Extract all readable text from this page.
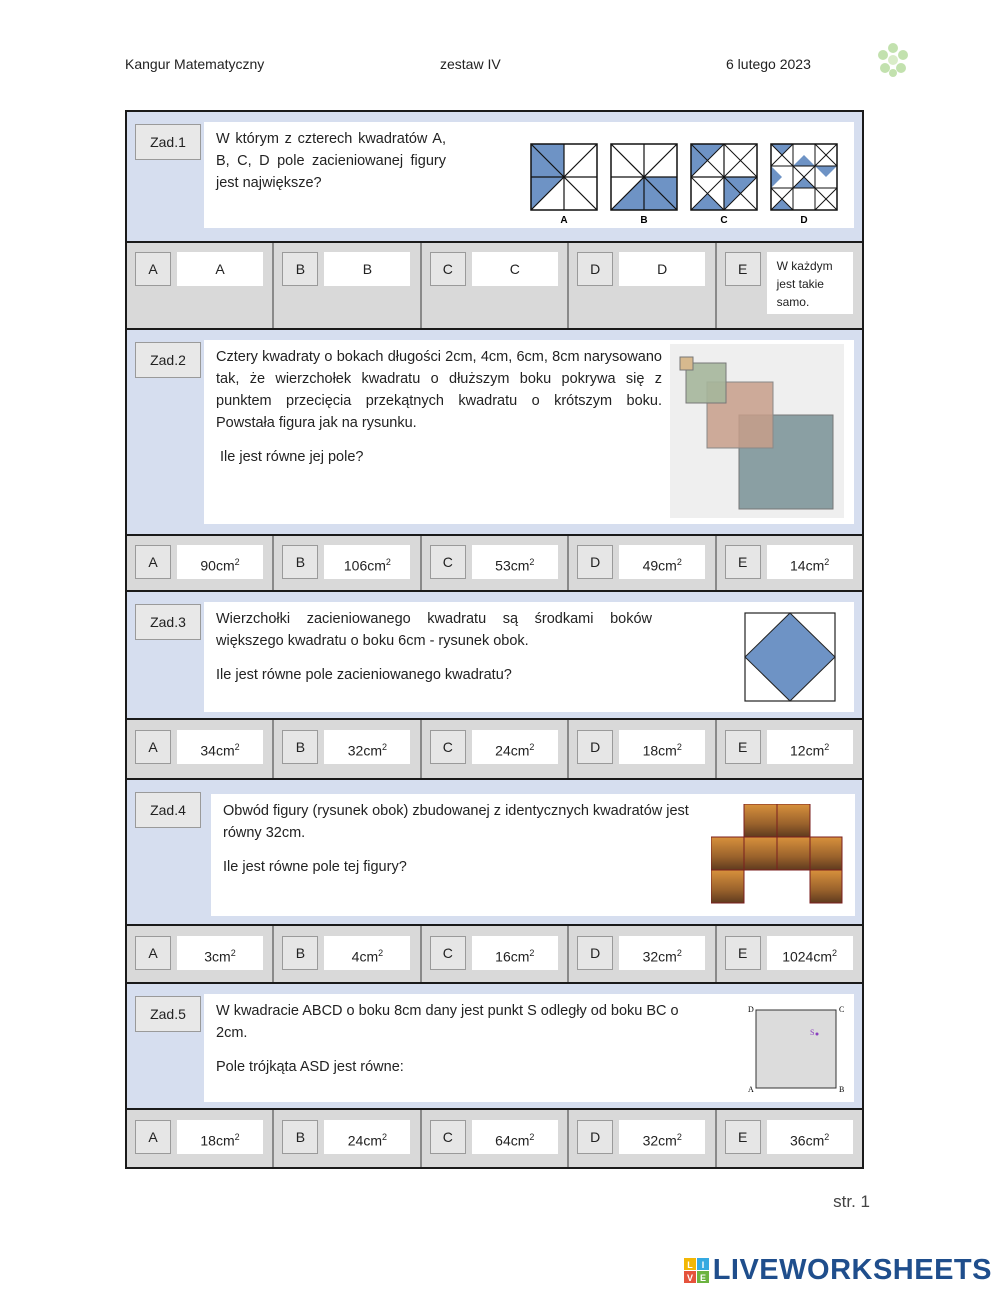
Kangur Matematyczny	zestaw IV	6 lutego 2023
Zad.1	W którym z czterech kwadratów A, B, C, D pole zacieniowanej figury jest największe?

A	B	C	D
A	A	B	B	C	C	D	D	E	W każdym jest takie samo.
Zad.2	Cztery kwadraty o bokach długości 2cm, 4cm, 6cm, 8cm narysowano tak, że wierzchołek kwadratu o dłuższym boku pokrywa się z punktem przecięcia przekątnych kwadratu o krótszym boku. Powstała figura jak na rysunku.

Ile jest równe jej pole?

A	$90cm^2$	B	$106cm^2$	C	$53cm^2$	D	$49cm^2$	E	$14cm^2$
Zad.3	Wierzchołki zacieniowanego kwadratu są środkami boków większego kwadratu o boku 6cm - rysunek obok.

Ile jest równe pole zacieniowanego kwadratu?

A	$34cm^2$	B	$32cm^2$	C	$24cm^2$	D	$18cm^2$	E	$12cm^2$
Zad.4	Obwód figury (rysunek obok) zbudowanej z identycznych kwadratów jest równy 32cm.

Ile jest równe pole tej figury?

A	$3cm^2$	B	$4cm^2$	C	$16cm^2$	D	$32cm^2$	E	$1024cm^2$
Zad.5	W kwadracie ABCD o boku 8cm dany jest punkt S odległy od boku BC o 2cm.

Pole trójkąta ASD jest równe:

D	C
A	B
S
A	$18cm^2$	B	$24cm^2$	C	$64cm^2$	D	$32cm^2$	E	$36cm^2$
str. 1
L I
V E LIVEWORKSHEETS
